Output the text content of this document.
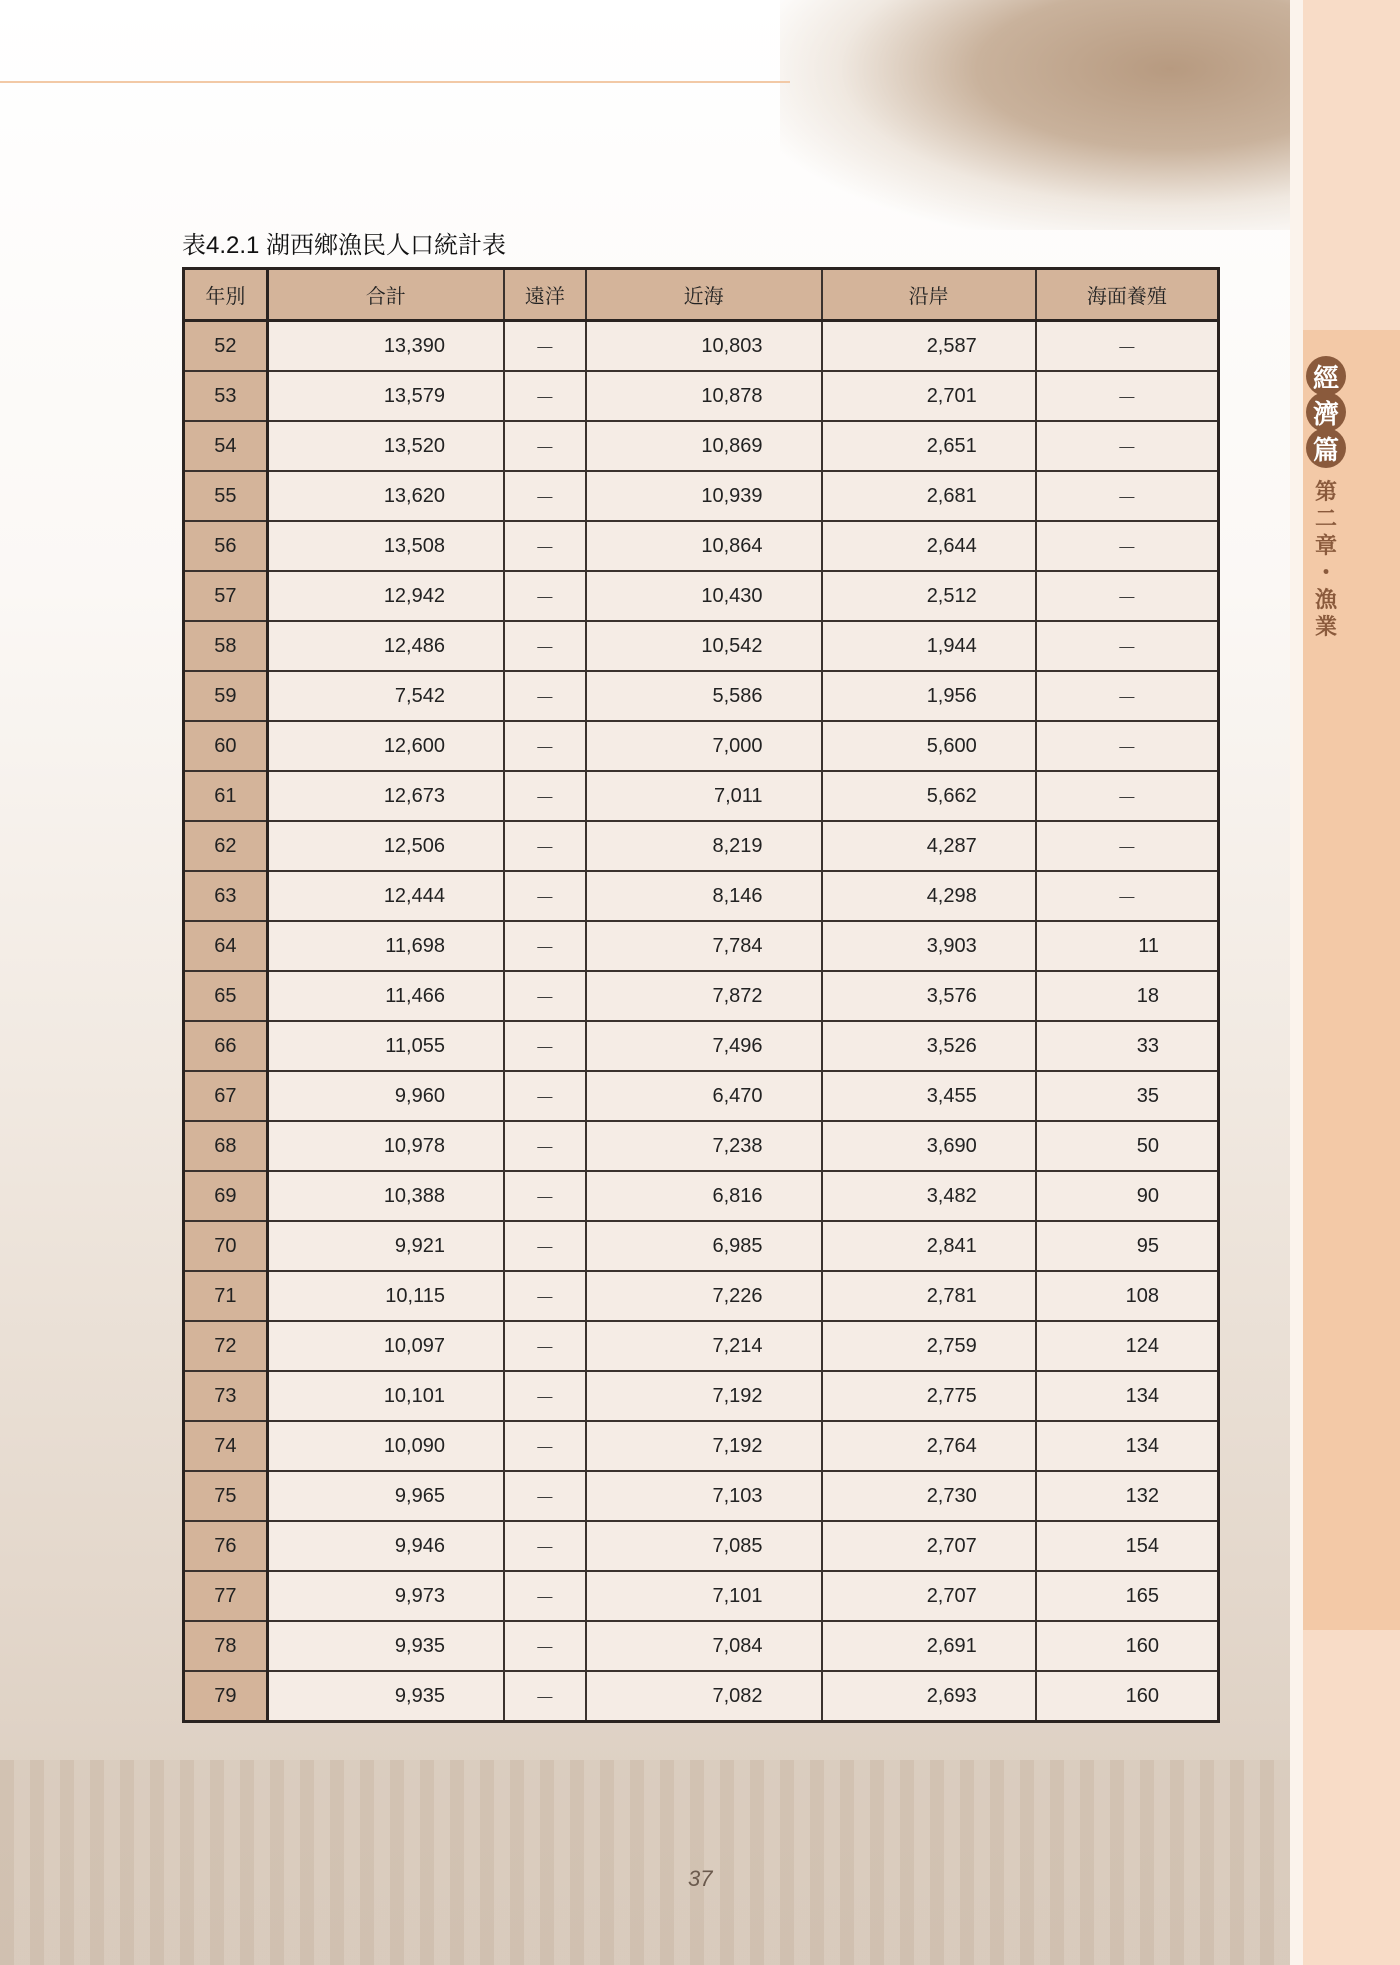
經
濟
篇
第
二
章
・
漁
業
表4.2.1 湖西鄉漁民人口統計表
年別	合計	遠洋	近海	沿岸	海面養殖
52	13,390	－	10,803	2,587	－
53	13,579	－	10,878	2,701	－
54	13,520	－	10,869	2,651	－
55	13,620	－	10,939	2,681	－
56	13,508	－	10,864	2,644	－
57	12,942	－	10,430	2,512	－
58	12,486	－	10,542	1,944	－
59	7,542	－	5,586	1,956	－
60	12,600	－	7,000	5,600	－
61	12,673	－	7,011	5,662	－
62	12,506	－	8,219	4,287	－
63	12,444	－	8,146	4,298	－
64	11,698	－	7,784	3,903	11
65	11,466	－	7,872	3,576	18
66	11,055	－	7,496	3,526	33
67	9,960	－	6,470	3,455	35
68	10,978	－	7,238	3,690	50
69	10,388	－	6,816	3,482	90
70	9,921	－	6,985	2,841	95
71	10,115	－	7,226	2,781	108
72	10,097	－	7,214	2,759	124
73	10,101	－	7,192	2,775	134
74	10,090	－	7,192	2,764	134
75	9,965	－	7,103	2,730	132
76	9,946	－	7,085	2,707	154
77	9,973	－	7,101	2,707	165
78	9,935	－	7,084	2,691	160
79	9,935	－	7,082	2,693	160
37
